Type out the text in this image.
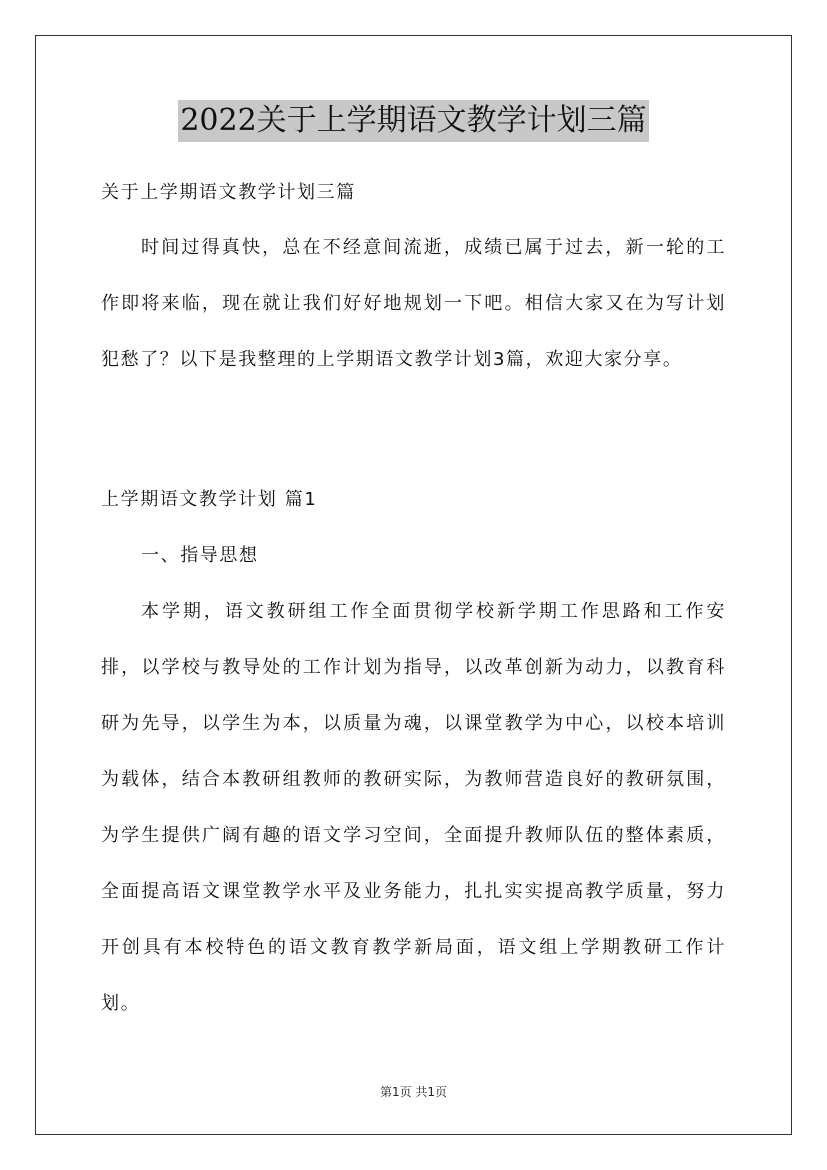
2022关于上学期语文教学计划三篇

关于上学期语文教学计划三篇

时间过得真快，总在不经意间流逝，成绩已属于过去，新一轮的工作即将来临，现在就让我们好好地规划一下吧。相信大家又在为写计划犯愁了？以下是我整理的上学期语文教学计划3篇，欢迎大家分享。

上学期语文教学计划 篇1

一、指导思想

本学期，语文教研组工作全面贯彻学校新学期工作思路和工作安排，以学校与教导处的工作计划为指导，以改革创新为动力，以教育科研为先导，以学生为本，以质量为魂，以课堂教学为中心，以校本培训为载体，结合本教研组教师的教研实际，为教师营造良好的教研氛围，为学生提供广阔有趣的语文学习空间，全面提升教师队伍的整体素质，全面提高语文课堂教学水平及业务能力，扎扎实实提高教学质量，努力开创具有本校特色的语文教育教学新局面，语文组上学期教研工作计划。

第1页 共1页
